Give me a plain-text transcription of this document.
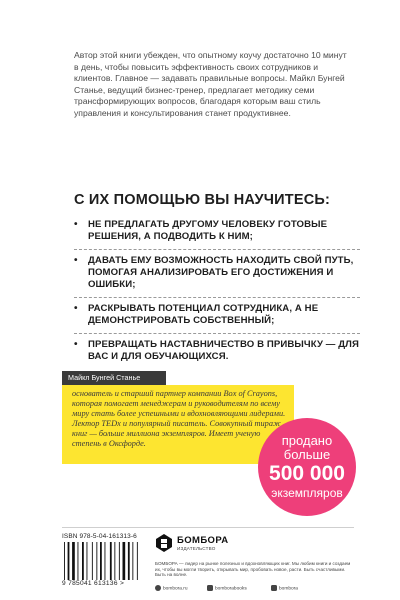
Автор этой книги убежден, что опытному коучу достаточно 10 минут в день, чтобы повысить эффективность своих сотрудников и клиентов. Главное — задавать правильные вопросы. Майкл Бунгей Станье, ведущий бизнес-тренер, предлагает методику семи трансформирующих вопросов, благодаря которым ваш стиль управления и консультирования станет продуктивнее.

С ИХ ПОМОЩЬЮ ВЫ НАУЧИТЕСЬ:
• НЕ ПРЕДЛАГАТЬ ДРУГОМУ ЧЕЛОВЕКУ ГОТОВЫЕ РЕШЕНИЯ, А ПОДВОДИТЬ К НИМ;
• ДАВАТЬ ЕМУ ВОЗМОЖНОСТЬ НАХОДИТЬ СВОЙ ПУТЬ, ПОМОГАЯ АНАЛИЗИРОВАТЬ ЕГО ДОСТИЖЕНИЯ И ОШИБКИ;
• РАСКРЫВАТЬ ПОТЕНЦИАЛ СОТРУДНИКА, А НЕ ДЕМОНСТРИРОВАТЬ СОБСТВЕННЫЙ;
• ПРЕВРАЩАТЬ НАСТАВНИЧЕСТВО В ПРИВЫЧКУ — ДЛЯ ВАС И ДЛЯ ОБУЧАЮЩИХСЯ.
Майкл Бунгей Станье

основатель и старший партнер компании Box of Crayons, которая помогает менеджерам и руководителям по всему миру стать более успешными и вдохновляющими лидерами. Лектор TEDx и популярный писатель. Совокупный тираж книг — больше миллиона экземпляров. Имеет ученую степень в Оксфорде.	продано
больше
500 000
экземпляров
ISBN 978-5-04-161313-6
9 785041 613136 >
БОМБОРА
ИЗДАТЕЛЬСТВО

БОМБОРА — лидер на рынке полезных и вдохновляющих книг. Мы любим книги и создаем их, чтобы вы могли творить, открывать мир, пробовать новое, расти. Быть счастливыми. Быть на волне.

bombora.ru	bomborabooks	bombora
